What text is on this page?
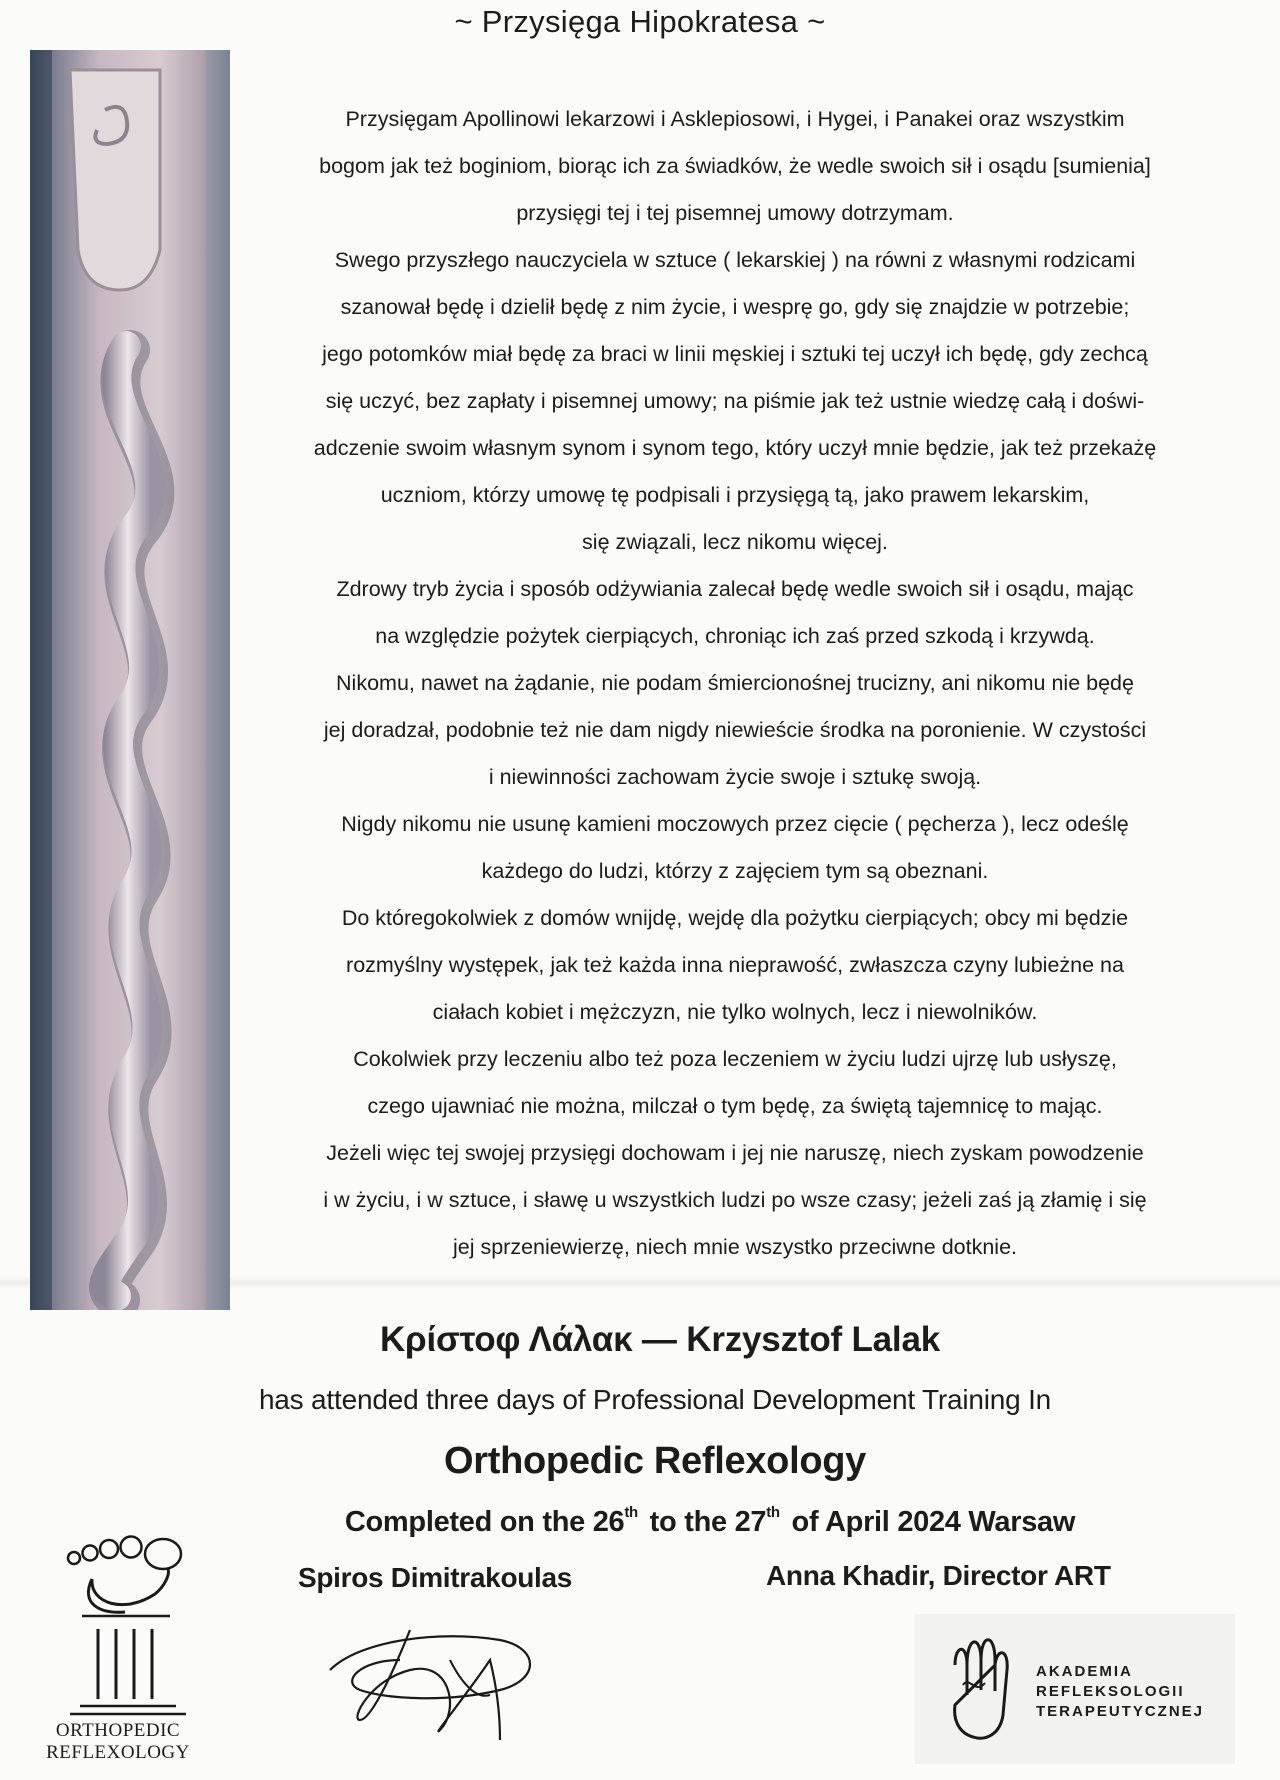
~ Przysięga Hipokratesa ~

Przysięgam Apollinowi lekarzowi i Asklepiosowi, i Hygei, i Panakei oraz wszystkim

bogom jak też boginiom, biorąc ich za świadków, że wedle swoich sił i osądu [sumienia]

przysięgi tej i tej pisemnej umowy dotrzymam.

Swego przyszłego nauczyciela w sztuce ( lekarskiej ) na równi z własnymi rodzicami

szanował będę i dzielił będę z nim życie, i wesprę go, gdy się znajdzie w potrzebie;

jego potomków miał będę za braci w linii męskiej i sztuki tej uczył ich będę, gdy zechcą

się uczyć, bez zapłaty i pisemnej umowy; na piśmie jak też ustnie wiedzę całą i doświ-

adczenie swoim własnym synom i synom tego, który uczył mnie będzie, jak też przekażę

uczniom, którzy umowę tę podpisali i przysięgą tą, jako prawem lekarskim,

się związali, lecz nikomu więcej.

Zdrowy tryb życia i sposób odżywiania zalecał będę wedle swoich sił i osądu, mając

na względzie pożytek cierpiących, chroniąc ich zaś przed szkodą i krzywdą.

Nikomu, nawet na żądanie, nie podam śmiercionośnej trucizny, ani nikomu nie będę

jej doradzał, podobnie też nie dam nigdy niewieście środka na poronienie. W czystości

i niewinności zachowam życie swoje i sztukę swoją.

Nigdy nikomu nie usunę kamieni moczowych przez cięcie ( pęcherza ), lecz odeślę

każdego do ludzi, którzy z zajęciem tym są obeznani.

Do któregokolwiek z domów wnijdę, wejdę dla pożytku cierpiących; obcy mi będzie

rozmyślny występek, jak też każda inna nieprawość, zwłaszcza czyny lubieżne na

ciałach kobiet i mężczyzn, nie tylko wolnych, lecz i niewolników.

Cokolwiek przy leczeniu albo też poza leczeniem w życiu ludzi ujrzę lub usłyszę,

czego ujawniać nie można, milczał o tym będę, za świętą tajemnicę to mając.

Jeżeli więc tej swojej przysięgi dochowam i jej nie naruszę, niech zyskam powodzenie

i w życiu, i w sztuce, i sławę u wszystkich ludzi po wsze czasy; jeżeli zaś ją złamię i się

jej sprzeniewierzę, niech mnie wszystko przeciwne dotknie.

Κρίστοφ Λάλακ — Krzysztof Lalak
has attended three days of Professional Development Training In
Orthopedic Reflexology
Completed on the 26th to the 27th of April 2024 Warsaw
Spiros Dimitrakoulas	Anna Khadir, Director ART
ORTHOPEDIC
REFLEXOLOGY
AKADEMIA
REFLEKSOLOGII
TERAPEUTYCZNEJ
